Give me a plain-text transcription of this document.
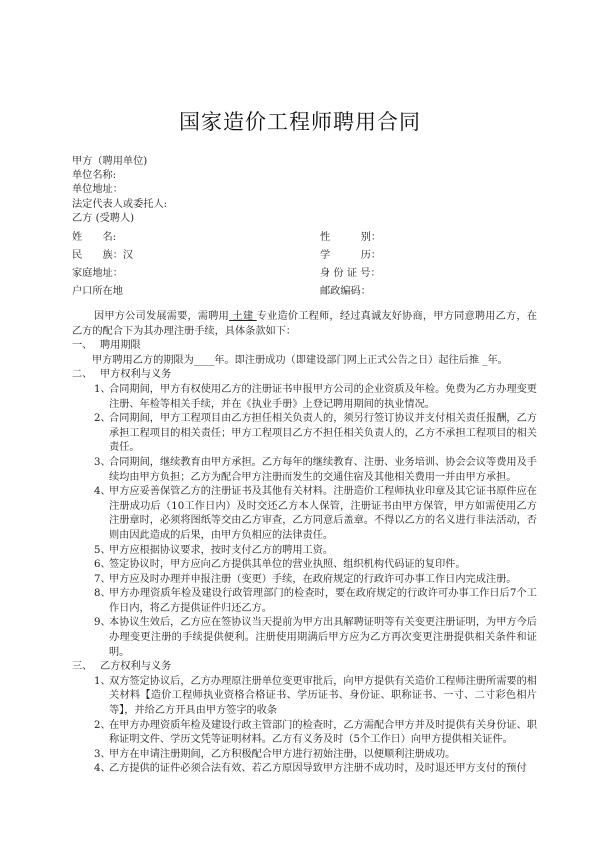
国家造价工程师聘用合同
甲方（聘用单位)
单位名称:
单位地址：
法定代表人或委托人:
乙方 (受聘人)
姓　　名:	性　　　别：
民　　族：汉	学　　　历：
家庭地址：	身 份 证 号：
户口所在地	邮政编码：
因甲方公司发展需要，需聘用 土建 专业造价工程师，经过真诚友好协商，甲方同意聘用乙方，在乙方的配合下为其办理注册手续，具体条款如下：
一、 聘用期限
甲方聘用乙方的期限为____年。即注册成功（即建设部门网上正式公告之日）起往后推 _年。
二、 甲方权利与义务
1、
合同期间，甲方有权使用乙方的注册证书申报甲方公司的企业资质及年检。免费为乙方办理变更注册、年检等相关手续，并在《执业手册》上登记聘用期间的执业情况。
2、
合同期间，甲方工程项目由乙方担任相关负责人的，须另行签订协议并支付相关责任报酬，乙方承担工程项目的相关责任；甲方工程项目乙方不担任相关负责人的，乙方不承担工程项目的相关责任。
3、
合同期间，继续教育由甲方承担。乙方每年的继续教育、注册、业务培训、协会会议等费用及手续均由甲方负担；乙方为配合甲方注册而发生的交通住宿及其他相关费用一并由甲方承担。
4、
甲方应妥善保管乙方的注册证书及其他有关材料。注册造价工程师执业印章及其它证书原件应在注册成功后（10工作日内）及时交还乙方本人保管，注册证书由甲方保管，甲方如需使用乙方注册章时，必须将图纸等交由乙方审查，乙方同意后盖章。不得以乙方的名义进行非法活动，否则由因此造成的后果，由甲方负相应的法律责任。
5、
甲方应根据协议要求，按时支付乙方的聘用工资。
6、
签定协议时，甲方应向乙方提供其单位的营业执照、组织机构代码证的复印件。
7、
甲方应及时办理并申报注册（变更）手续，在政府规定的行政许可办事工作日内完成注册。
8、
甲方办理资质年检及建设行政管理部门的检查时，要在政府规定的行政许可办事工作日后7个工作日内，将乙方提供证件归还乙方。
9、
本协议生效后，乙方应在签协议当天提前为甲方出具解聘证明等有关变更注册证明，为甲方今后办理变更注册的手续提供便利。注册使用期满后甲方应为乙方再次变更注册提供相关条件和证明。
三、 乙方权利与义务
1、
双方签定协议后，乙方办理原注册单位变更审批后，向甲方提供有关造价工程师注册所需要的相关材料【造价工程师执业资格合格证书、学历证书、身份证、职称证书、一寸、二寸彩色相片等】，并给乙方开具由甲方签字的收条
2、
在甲方办理资质年检及建设行政主管部门的检查时，乙方需配合甲方并及时提供有关身份证、职称证明文件、学历文凭等证明材料。乙方有义务及时（5个工作日）向甲方提供相关证件。
3、
甲方在申请注册期间，乙方积极配合甲方进行初始注册，以便顺利注册成功。
4、
乙方提供的证件必须合法有效、若乙方原因导致甲方注册不成功时，及时退还甲方支付的预付
